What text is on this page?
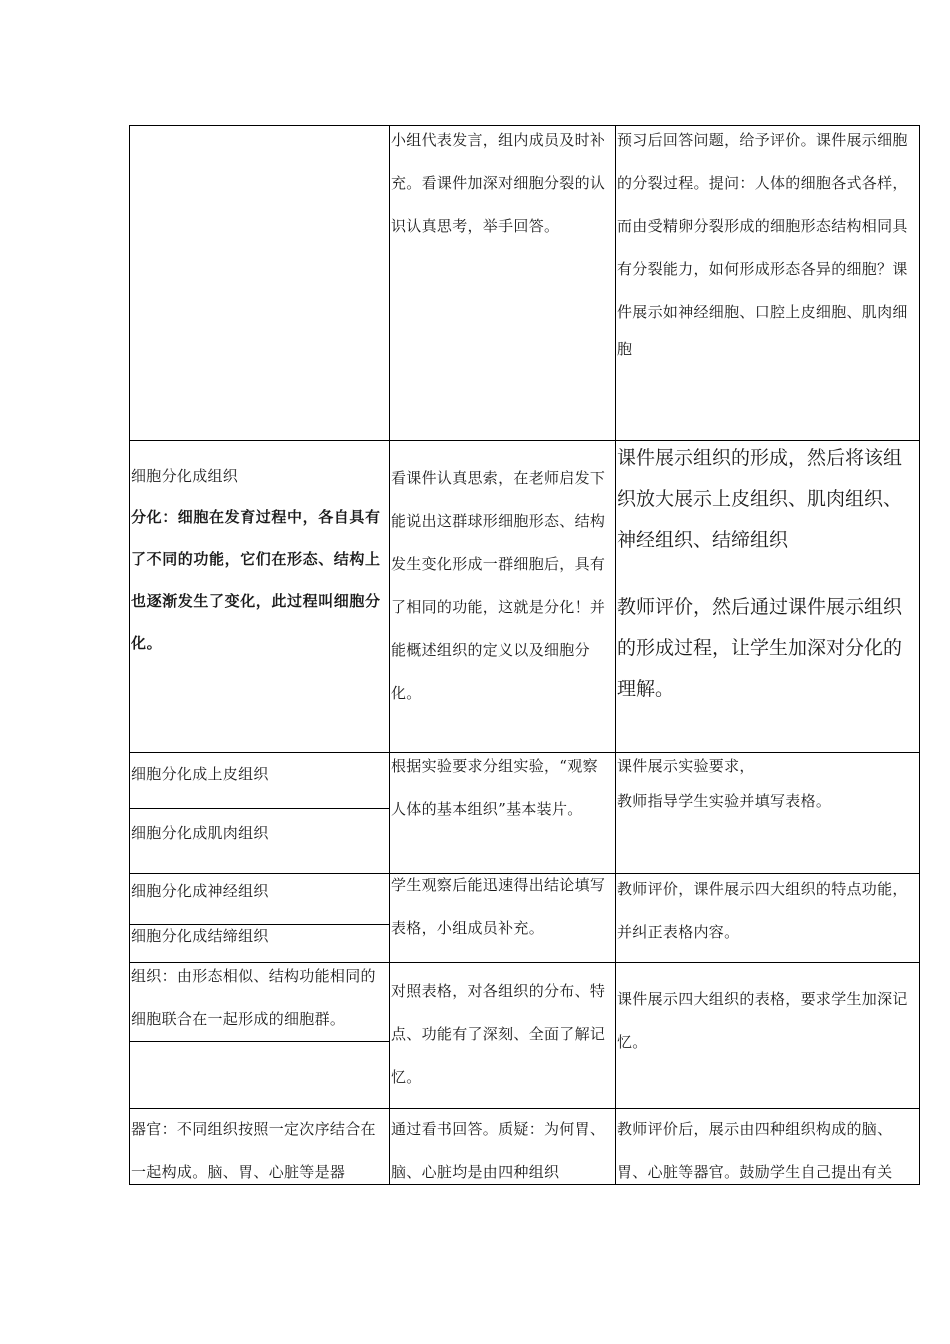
小组代表发言，组内成员及时补充。看课件加深对细胞分裂的认识认真思考，举手回答。

预习后回答问题，给予评价。课件展示细胞的分裂过程。提问：人体的细胞各式各样，而由受精卵分裂形成的细胞形态结构相同具有分裂能力，如何形成形态各异的细胞？课件展示如神经细胞、口腔上皮细胞、肌肉细

胞

细胞分化成组织

分化：细胞在发育过程中，各自具有了不同的功能，它们在形态、结构上也逐渐发生了变化，此过程叫细胞分化。

看课件认真思索，在老师启发下能说出这群球形细胞形态、结构发生变化形成一群细胞后，具有了相同的功能，这就是分化！并能概述组织的定义以及细胞分化。

课件展示组织的形成，然后将该组织放大展示上皮组织、肌肉组织、神经组织、结缔组织

教师评价，然后通过课件展示组织的形成过程，让学生加深对分化的理解。

细胞分化成上皮组织

细胞分化成肌肉组织

根据实验要求分组实验，“观察人体的基本组织”基本装片。

课件展示实验要求，

教师指导学生实验并填写表格。

细胞分化成神经组织

细胞分化成结缔组织

学生观察后能迅速得出结论填写表格，小组成员补充。

教师评价，课件展示四大组织的特点功能，并纠正表格内容。

组织：由形态相似、结构功能相同的细胞联合在一起形成的细胞群。

对照表格，对各组织的分布、特点、功能有了深刻、全面了解记忆。

课件展示四大组织的表格，要求学生加深记忆。

器官：不同组织按照一定次序结合在一起构成。脑、胃、心脏等是器

通过看书回答。质疑：为何胃、脑、心脏均是由四种组织

教师评价后，展示由四种组织构成的脑、胃、心脏等器官。鼓励学生自己提出有关
